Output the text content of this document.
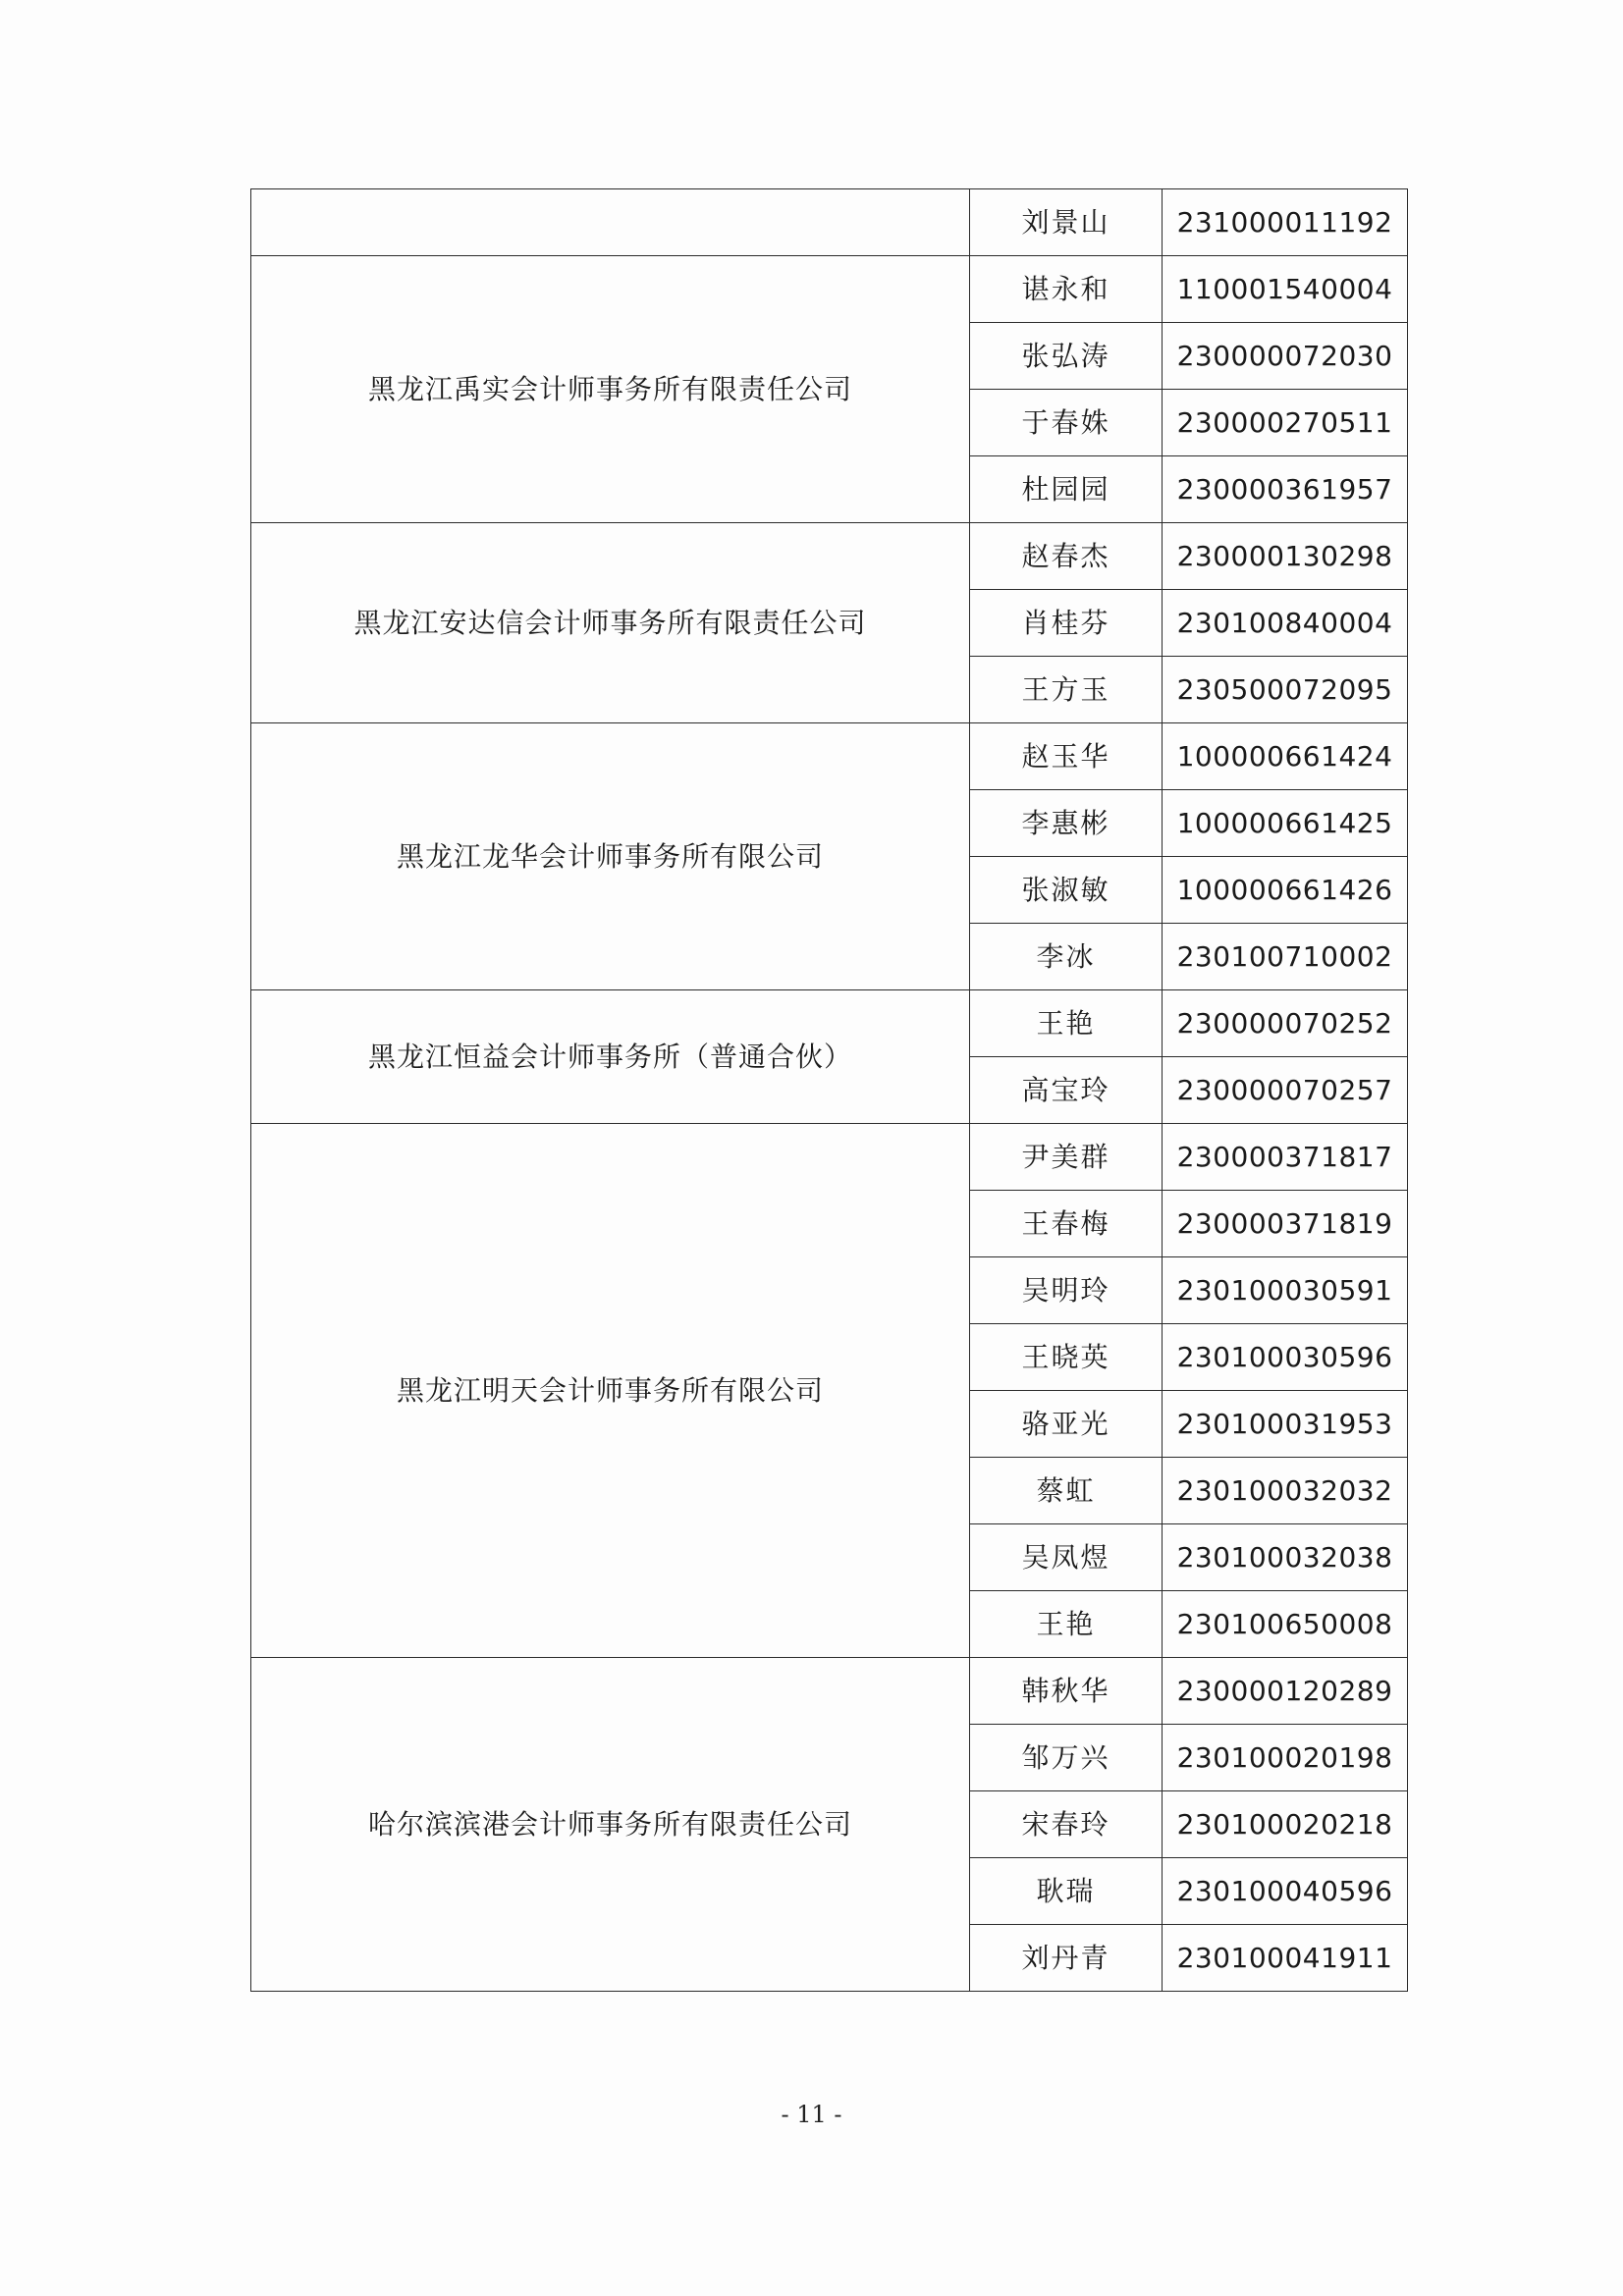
	刘景山	231000011192
黑龙江禹实会计师事务所有限责任公司	谌永和	110001540004
	张弘涛	230000072030
	于春姝	230000270511
	杜园园	230000361957
黑龙江安达信会计师事务所有限责任公司	赵春杰	230000130298
	肖桂芬	230100840004
	王方玉	230500072095
黑龙江龙华会计师事务所有限公司	赵玉华	100000661424
	李惠彬	100000661425
	张淑敏	100000661426
	李冰	230100710002
黑龙江恒益会计师事务所（普通合伙）	王艳	230000070252
	高宝玲	230000070257
黑龙江明天会计师事务所有限公司	尹美群	230000371817
	王春梅	230000371819
	吴明玲	230100030591
	王晓英	230100030596
	骆亚光	230100031953
	蔡虹	230100032032
	吴凤煜	230100032038
	王艳	230100650008
哈尔滨滨港会计师事务所有限责任公司	韩秋华	230000120289
	邹万兴	230100020198
	宋春玲	230100020218
	耿瑞	230100040596
	刘丹青	230100041911
- 11 -
